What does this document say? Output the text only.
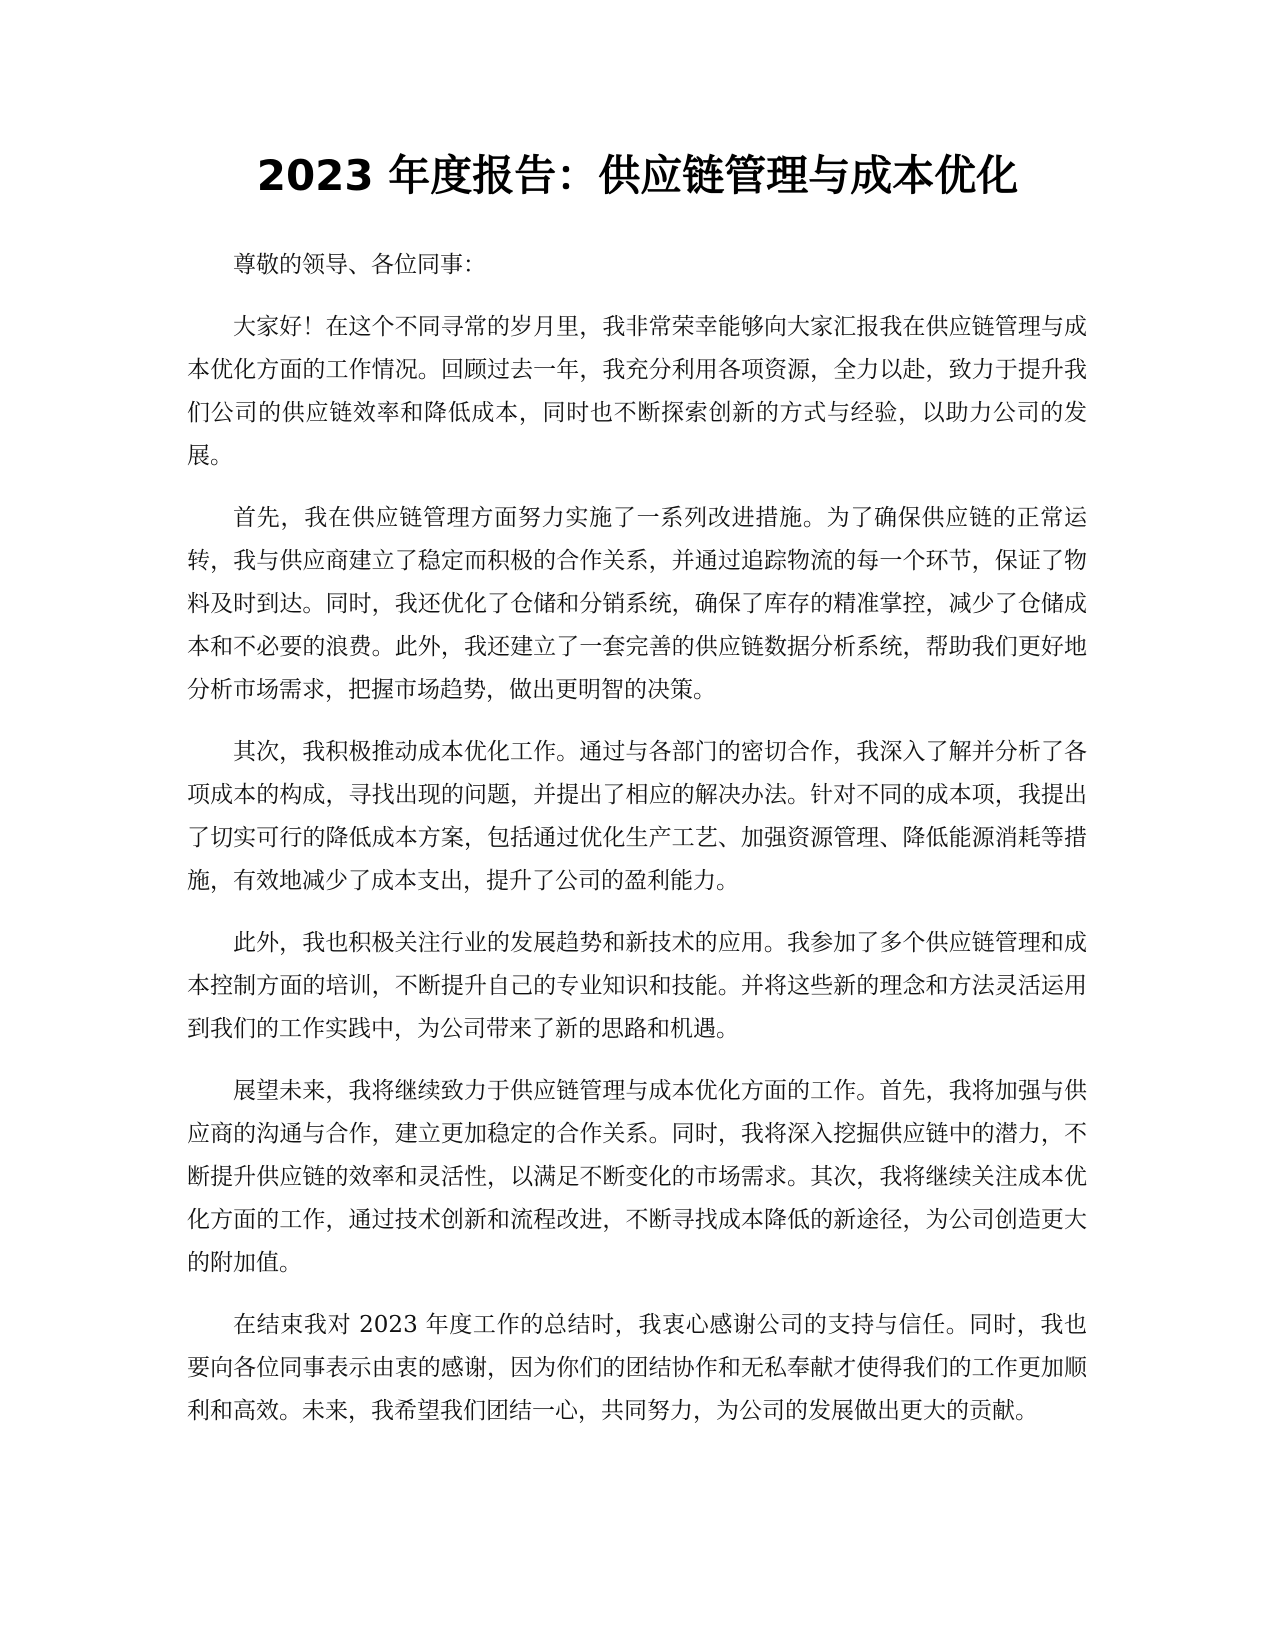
2023 年度报告：供应链管理与成本优化

尊敬的领导、各位同事：

大家好！在这个不同寻常的岁月里，我非常荣幸能够向大家汇报我在供应链管理与成本优化方面的工作情况。回顾过去一年，我充分利用各项资源，全力以赴，致力于提升我们公司的供应链效率和降低成本，同时也不断探索创新的方式与经验，以助力公司的发展。

首先，我在供应链管理方面努力实施了一系列改进措施。为了确保供应链的正常运转，我与供应商建立了稳定而积极的合作关系，并通过追踪物流的每一个环节，保证了物料及时到达。同时，我还优化了仓储和分销系统，确保了库存的精准掌控，减少了仓储成本和不必要的浪费。此外，我还建立了一套完善的供应链数据分析系统，帮助我们更好地分析市场需求，把握市场趋势，做出更明智的决策。

其次，我积极推动成本优化工作。通过与各部门的密切合作，我深入了解并分析了各项成本的构成，寻找出现的问题，并提出了相应的解决办法。针对不同的成本项，我提出了切实可行的降低成本方案，包括通过优化生产工艺、加强资源管理、降低能源消耗等措施，有效地减少了成本支出，提升了公司的盈利能力。

此外，我也积极关注行业的发展趋势和新技术的应用。我参加了多个供应链管理和成本控制方面的培训，不断提升自己的专业知识和技能。并将这些新的理念和方法灵活运用到我们的工作实践中，为公司带来了新的思路和机遇。

展望未来，我将继续致力于供应链管理与成本优化方面的工作。首先，我将加强与供应商的沟通与合作，建立更加稳定的合作关系。同时，我将深入挖掘供应链中的潜力，不断提升供应链的效率和灵活性，以满足不断变化的市场需求。其次，我将继续关注成本优化方面的工作，通过技术创新和流程改进，不断寻找成本降低的新途径，为公司创造更大的附加值。

在结束我对 2023 年度工作的总结时，我衷心感谢公司的支持与信任。同时，我也要向各位同事表示由衷的感谢，因为你们的团结协作和无私奉献才使得我们的工作更加顺利和高效。未来，我希望我们团结一心，共同努力，为公司的发展做出更大的贡献。
